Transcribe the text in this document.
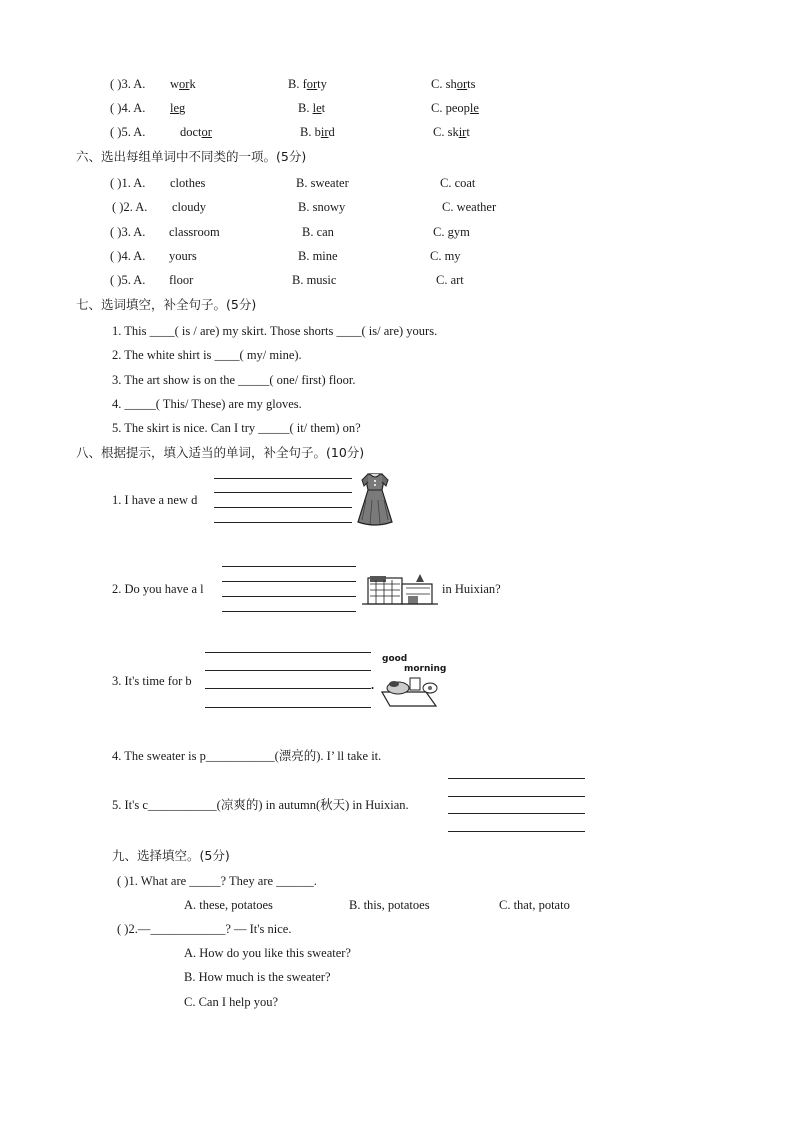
( )3. A. work	B. forty	C. shorts
( )4. A. leg	B. let	C. people
( )5. A.	doctor	B. bird	C. skirt
六、选出每组单词中不同类的一项。(5分)
( )1. A. clothes	B. sweater	C. coat
( )2. A. cloudy	B. snowy	C. weather
( )3. A. classroom	B. can	C. gym
( )4. A. yours	B. mine	C. my
( )5. A. floor	B. music	C. art
七、选词填空，补全句子。(5分)
1. This ____( is / are) my skirt. Those shorts ____( is/ are) yours.
2. The white shirt is ____( my/ mine).
3. The art show is on the _____( one/ first) floor.
4. _____( This/ These) are my gloves.
5. The skirt is nice. Can I try _____( it/ them) on?
八、根据提示，填入适当的单词，补全句子。(10分)
1. I have a new d
2. Do you have a l	in Huixian?
3. It's time for b	.
good
morning
4. The sweater is p___________(漂亮的). I’ ll take it.
5. It's c___________(凉爽的) in autumn(秋天) in Huixian.
九、选择填空。(5分)
( )1. What are _____? They are ______.
A. these, potatoes	B. this, potatoes	C. that, potato
( )2.—____________? — It's nice.
A. How do you like this sweater?
B. How much is the sweater?
C. Can I help you?
